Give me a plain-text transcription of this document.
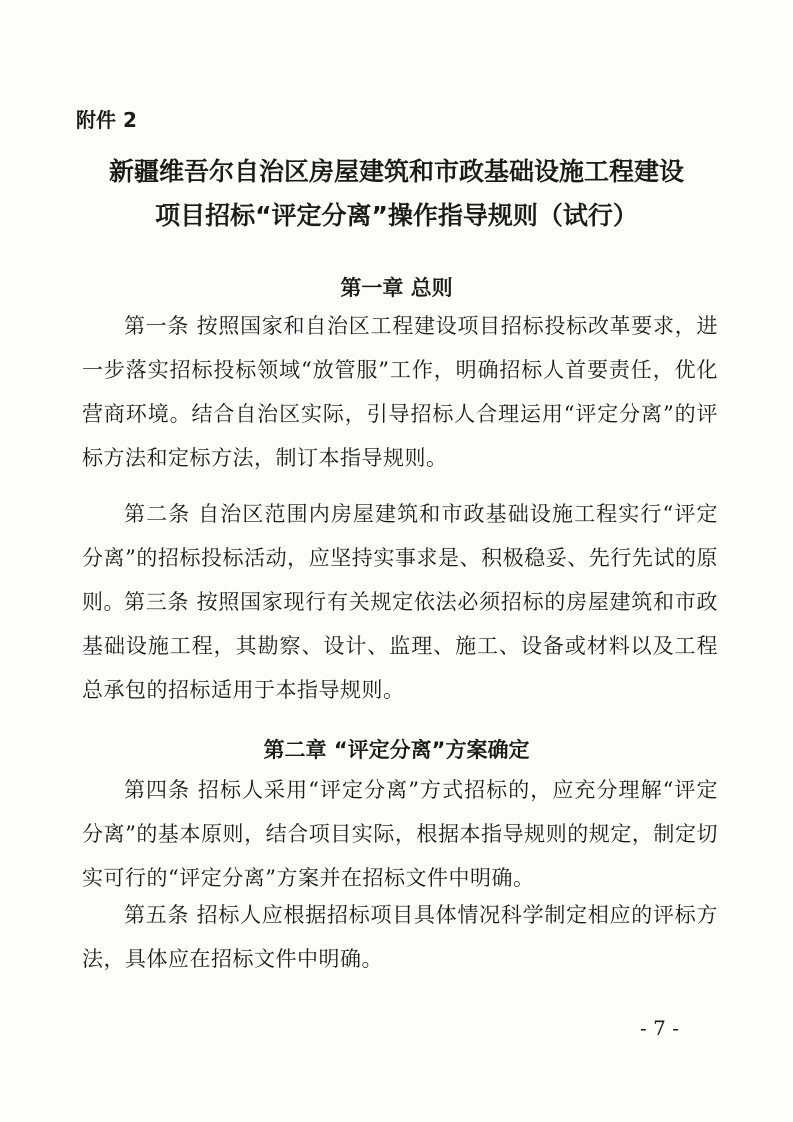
附件 2
新疆维吾尔自治区房屋建筑和市政基础设施工程建设
项目招标“评定分离”操作指导规则（试行）
第一章 总则
第一条 按照国家和自治区工程建设项目招标投标改革要求，进一步落实招标投标领域“放管服”工作，明确招标人首要责任，优化营商环境。结合自治区实际，引导招标人合理运用“评定分离”的评标方法和定标方法，制订本指导规则。
第二条 自治区范围内房屋建筑和市政基础设施工程实行“评定分离”的招标投标活动，应坚持实事求是、积极稳妥、先行先试的原则。 第三条 按照国家现行有关规定依法必须招标的房屋建筑和市政基础设施工程，其勘察、设计、监理、施工、设备或材料以及工程总承包的招标适用于本指导规则。
第二章 “评定分离”方案确定
第四条 招标人采用“评定分离”方式招标的，应充分理解“评定分离”的基本原则，结合项目实际，根据本指导规则的规定，制定切实可行的“评定分离”方案并在招标文件中明确。
第五条 招标人应根据招标项目具体情况科学制定相应的评标方法，具体应在招标文件中明确。
- 7 -
